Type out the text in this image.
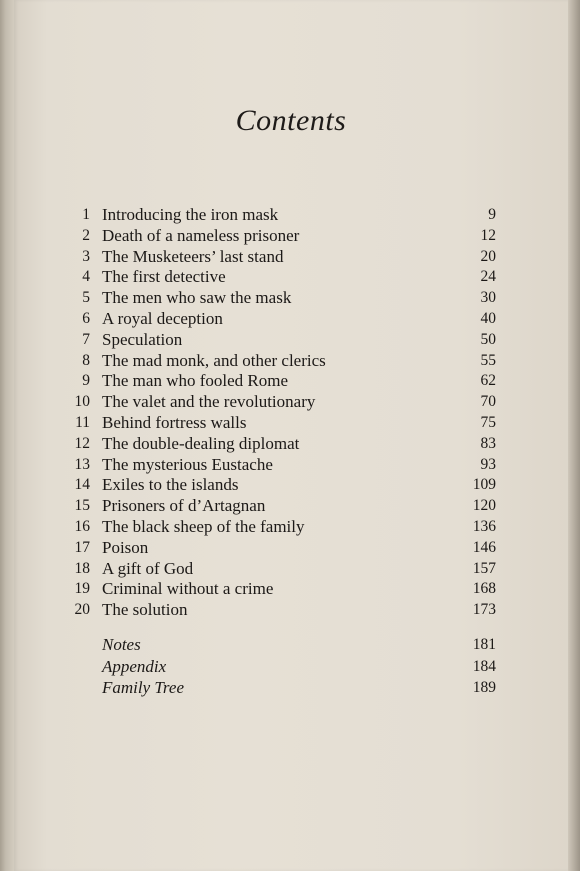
Contents
1 Introducing the iron mask	9
2 Death of a nameless prisoner	12
3 The Musketeers’ last stand	20
4 The first detective	24
5 The men who saw the mask	30
6 A royal deception	40
7 Speculation	50
8 The mad monk, and other clerics	55
9 The man who fooled Rome	62
10 The valet and the revolutionary	70
11 Behind fortress walls	75
12 The double-dealing diplomat	83
13 The mysterious Eustache	93
14 Exiles to the islands	109
15 Prisoners of d’Artagnan	120
16 The black sheep of the family	136
17 Poison	146
18 A gift of God	157
19 Criminal without a crime	168
20 The solution	173
Notes	181
Appendix	184
Family Tree	189
